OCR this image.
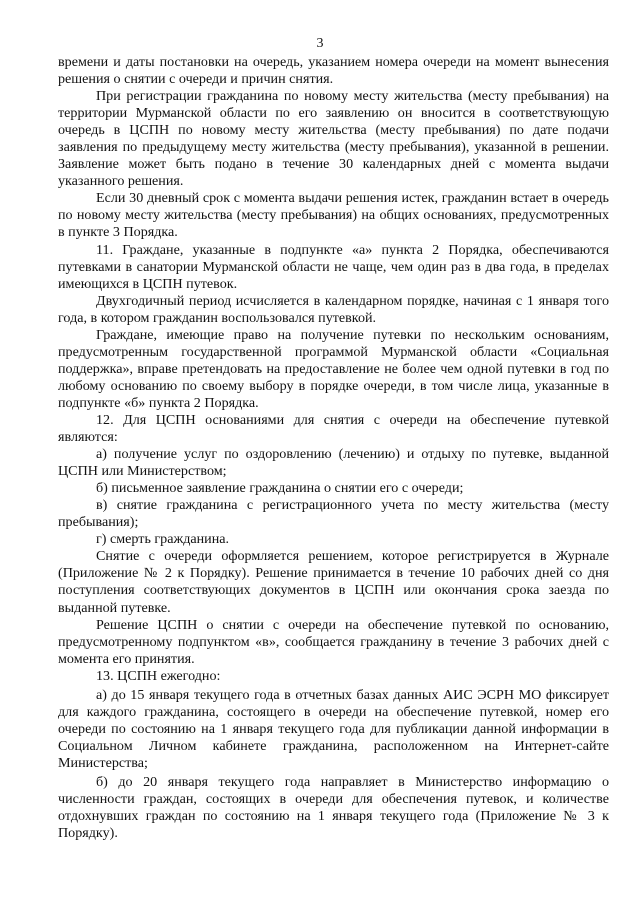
3

времени и даты постановки на очередь, указанием номера очереди на момент вынесения решения о снятии с очереди и причин снятия.

При регистрации гражданина по новому месту жительства (месту пребывания) на территории Мурманской области по его заявлению он вносится в соответствующую очередь в ЦСПН по новому месту жительства (месту пребывания) по дате подачи заявления по предыдущему месту жительства (месту пребывания), указанной в решении. Заявление может быть подано в течение 30 календарных дней с момента выдачи указанного решения.

Если 30 дневный срок с момента выдачи решения истек, гражданин встает в очередь по новому месту жительства (месту пребывания) на общих основаниях, предусмотренных в пункте 3 Порядка.

11. Граждане, указанные в подпункте «а» пункта 2 Порядка, обеспечиваются путевками в санатории Мурманской области не чаще, чем один раз в два года, в пределах имеющихся в ЦСПН путевок.

Двухгодичный период исчисляется в календарном порядке, начиная с 1 января того года, в котором гражданин воспользовался путевкой.

Граждане, имеющие право на получение путевки по нескольким основаниям, предусмотренным государственной программой Мурманской области «Социальная поддержка», вправе претендовать на предоставление не более чем одной путевки в год по любому основанию по своему выбору в порядке очереди, в том числе лица, указанные в подпункте «б» пункта 2 Порядка.

12. Для ЦСПН основаниями для снятия с очереди на обеспечение путевкой являются:

а) получение услуг по оздоровлению (лечению) и отдыху по путевке, выданной ЦСПН или Министерством;

б) письменное заявление гражданина о снятии его с очереди;

в) снятие гражданина с регистрационного учета по месту жительства (месту пребывания);

г) смерть гражданина.

Снятие с очереди оформляется решением, которое регистрируется в Журнале (Приложение № 2 к Порядку). Решение принимается в течение 10 рабочих дней со дня поступления соответствующих документов в ЦСПН или окончания срока заезда по выданной путевке.

Решение ЦСПН о снятии с очереди на обеспечение путевкой по основанию, предусмотренному подпунктом «в», сообщается гражданину в течение 3 рабочих дней с момента его принятия.

13. ЦСПН ежегодно:

а) до 15 января текущего года в отчетных базах данных АИС ЭСРН МО фиксирует для каждого гражданина, состоящего в очереди на обеспечение путевкой, номер его очереди по состоянию на 1 января текущего года для публикации данной информации в Социальном Личном кабинете гражданина, расположенном на Интернет-сайте Министерства;

б) до 20 января текущего года направляет в Министерство информацию о численности граждан, состоящих в очереди для обеспечения путевок, и количестве отдохнувших граждан по состоянию на 1 января текущего года (Приложение № 3 к Порядку).
